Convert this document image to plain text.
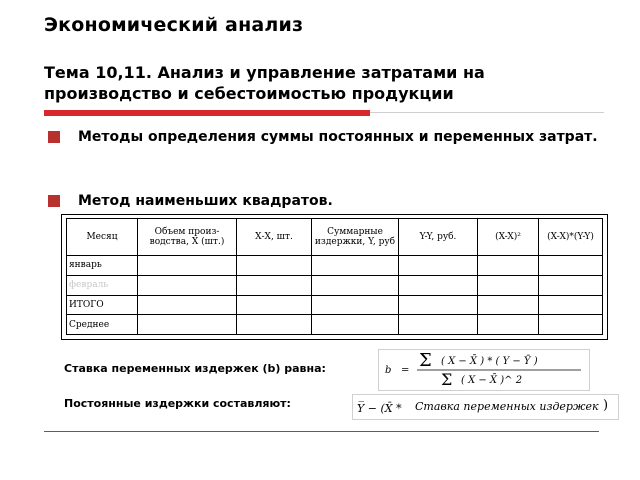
Экономический анализ
Тема 10,11. Анализ и управление затратами на производство и себестоимостью продукции
Методы определения суммы постоянных и переменных затрат.
Метод наименьших квадратов.
Месяц	Объем произ-водства, Х (шт.)	Х-Х, шт.	Суммарные издержки, Y, руб	Y-Y, руб.	(X-X)²	(X-X)*(Y-Y)
январь						
февраль						
ИТОГО						
Среднее						
Ставка переменных издержек (b) равна:	b = Σ ( X − X̄ ) * ( Y − Ȳ )
Σ ( X − X̄ )^ 2
Постоянные издержки составляют:	Y̅ − (X̄ * Ставка переменных издержек )
